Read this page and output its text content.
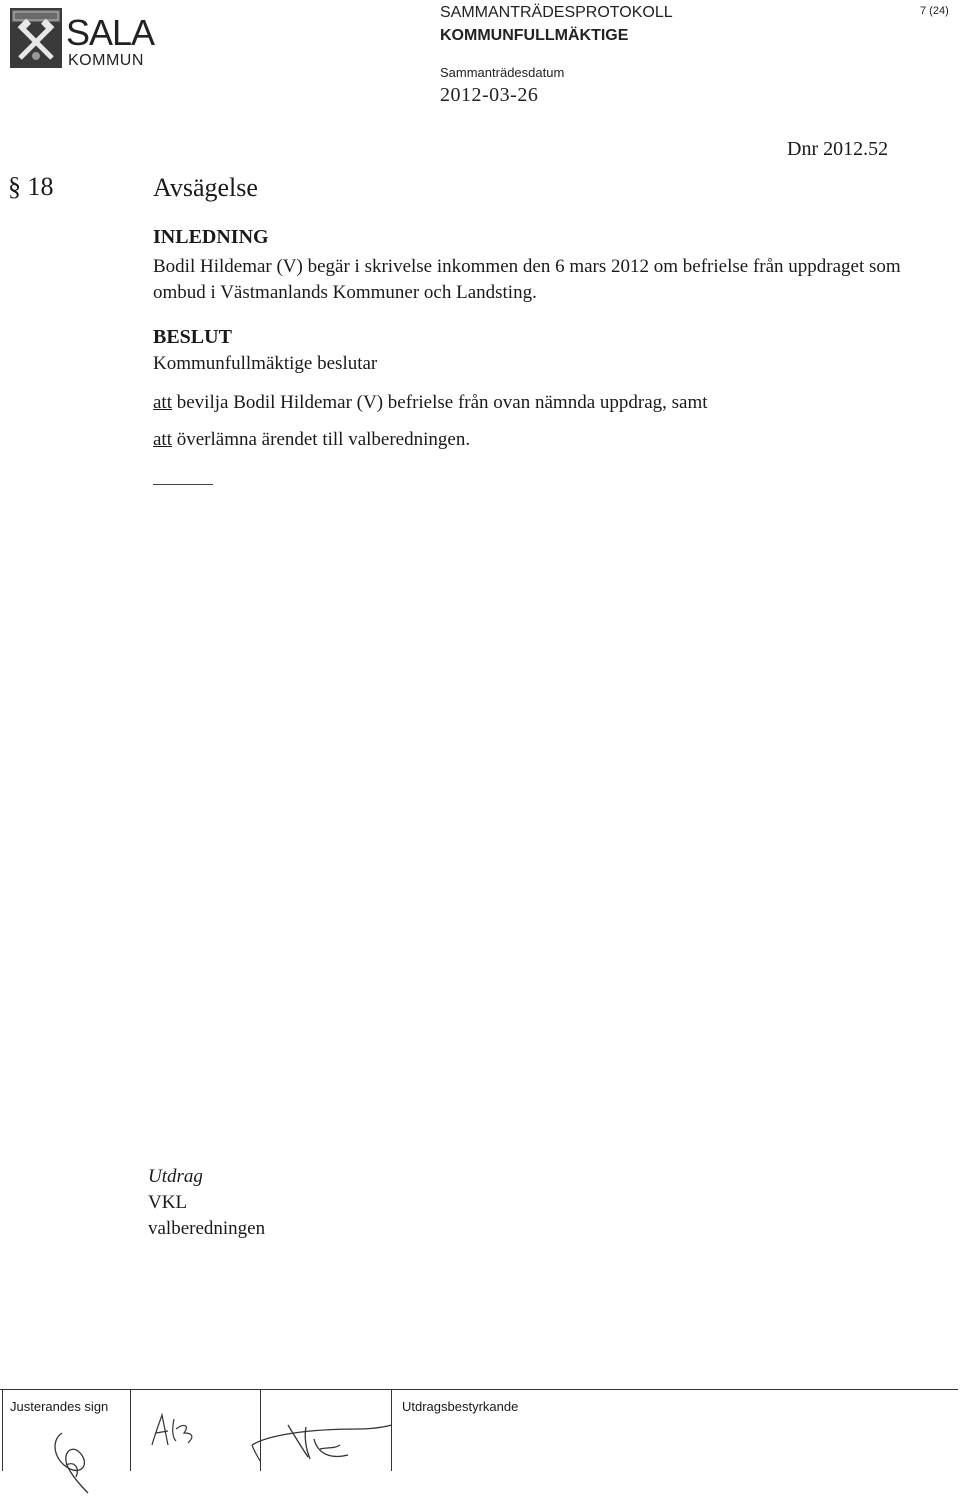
SALA
KOMMUN
SAMMANTRÄDESPROTOKOLL
KOMMUNFULLMÄKTIGE
Sammanträdesdatum
2012-03-26
7 (24)
Dnr 2012.52
§ 18	Avsägelse
INLEDNING
Bodil Hildemar (V) begär i skrivelse inkommen den 6 mars 2012 om befrielse från uppdraget som ombud i Västmanlands Kommuner och Landsting.
BESLUT
Kommunfullmäktige beslutar
att bevilja Bodil Hildemar (V) befrielse från ovan nämnda uppdrag, samt
att överlämna ärendet till valberedningen.
Utdrag
VKL
valberedningen
Justerandes sign	Utdragsbestyrkande
